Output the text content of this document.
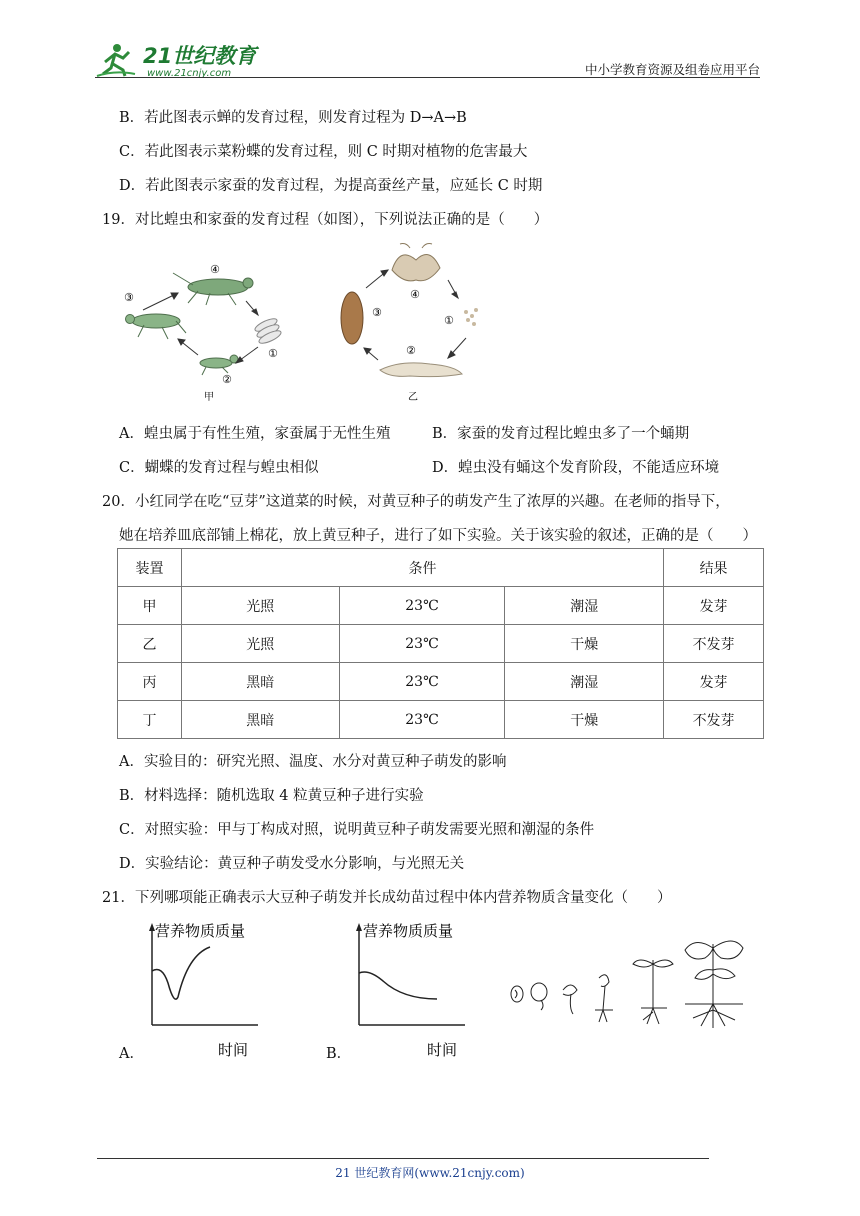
21世纪教育
www.21cnjy.com	中小学教育资源及组卷应用平台
B．若此图表示蝉的发育过程，则发育过程为 D→A→B
C．若此图表示菜粉蝶的发育过程，则 C 时期对植物的危害最大
D．若此图表示家蚕的发育过程，为提高蚕丝产量，应延长 C 时期
19．对比蝗虫和家蚕的发育过程（如图），下列说法正确的是（　　）
④
③
①
②
甲
④
①
③
②
乙
A．蝗虫属于有性生殖，家蚕属于无性生殖	B．家蚕的发育过程比蝗虫多了一个蛹期
C．蝴蝶的发育过程与蝗虫相似	D．蝗虫没有蛹这个发育阶段，不能适应环境
20．小红同学在吃“豆芽”这道菜的时候，对黄豆种子的萌发产生了浓厚的兴趣。在老师的指导下，
她在培养皿底部铺上棉花，放上黄豆种子，进行了如下实验。关于该实验的叙述，正确的是（　　）
装置	条件			结果
甲	光照	23℃	潮湿	发芽
乙	光照	23℃	干燥	不发芽
丙	黑暗	23℃	潮湿	发芽
丁	黑暗	23℃	干燥	不发芽
A．实验目的：研究光照、温度、水分对黄豆种子萌发的影响
B．材料选择：随机选取 4 粒黄豆种子进行实验
C．对照实验：甲与丁构成对照，说明黄豆种子萌发需要光照和潮湿的条件
D．实验结论：黄豆种子萌发受水分影响，与光照无关
21．下列哪项能正确表示大豆种子萌发并长成幼苗过程中体内营养物质含量变化（　　）
营养物质质量
时间
A．
营养物质质量
时间
B．
21 世纪教育网(www.21cnjy.com)
